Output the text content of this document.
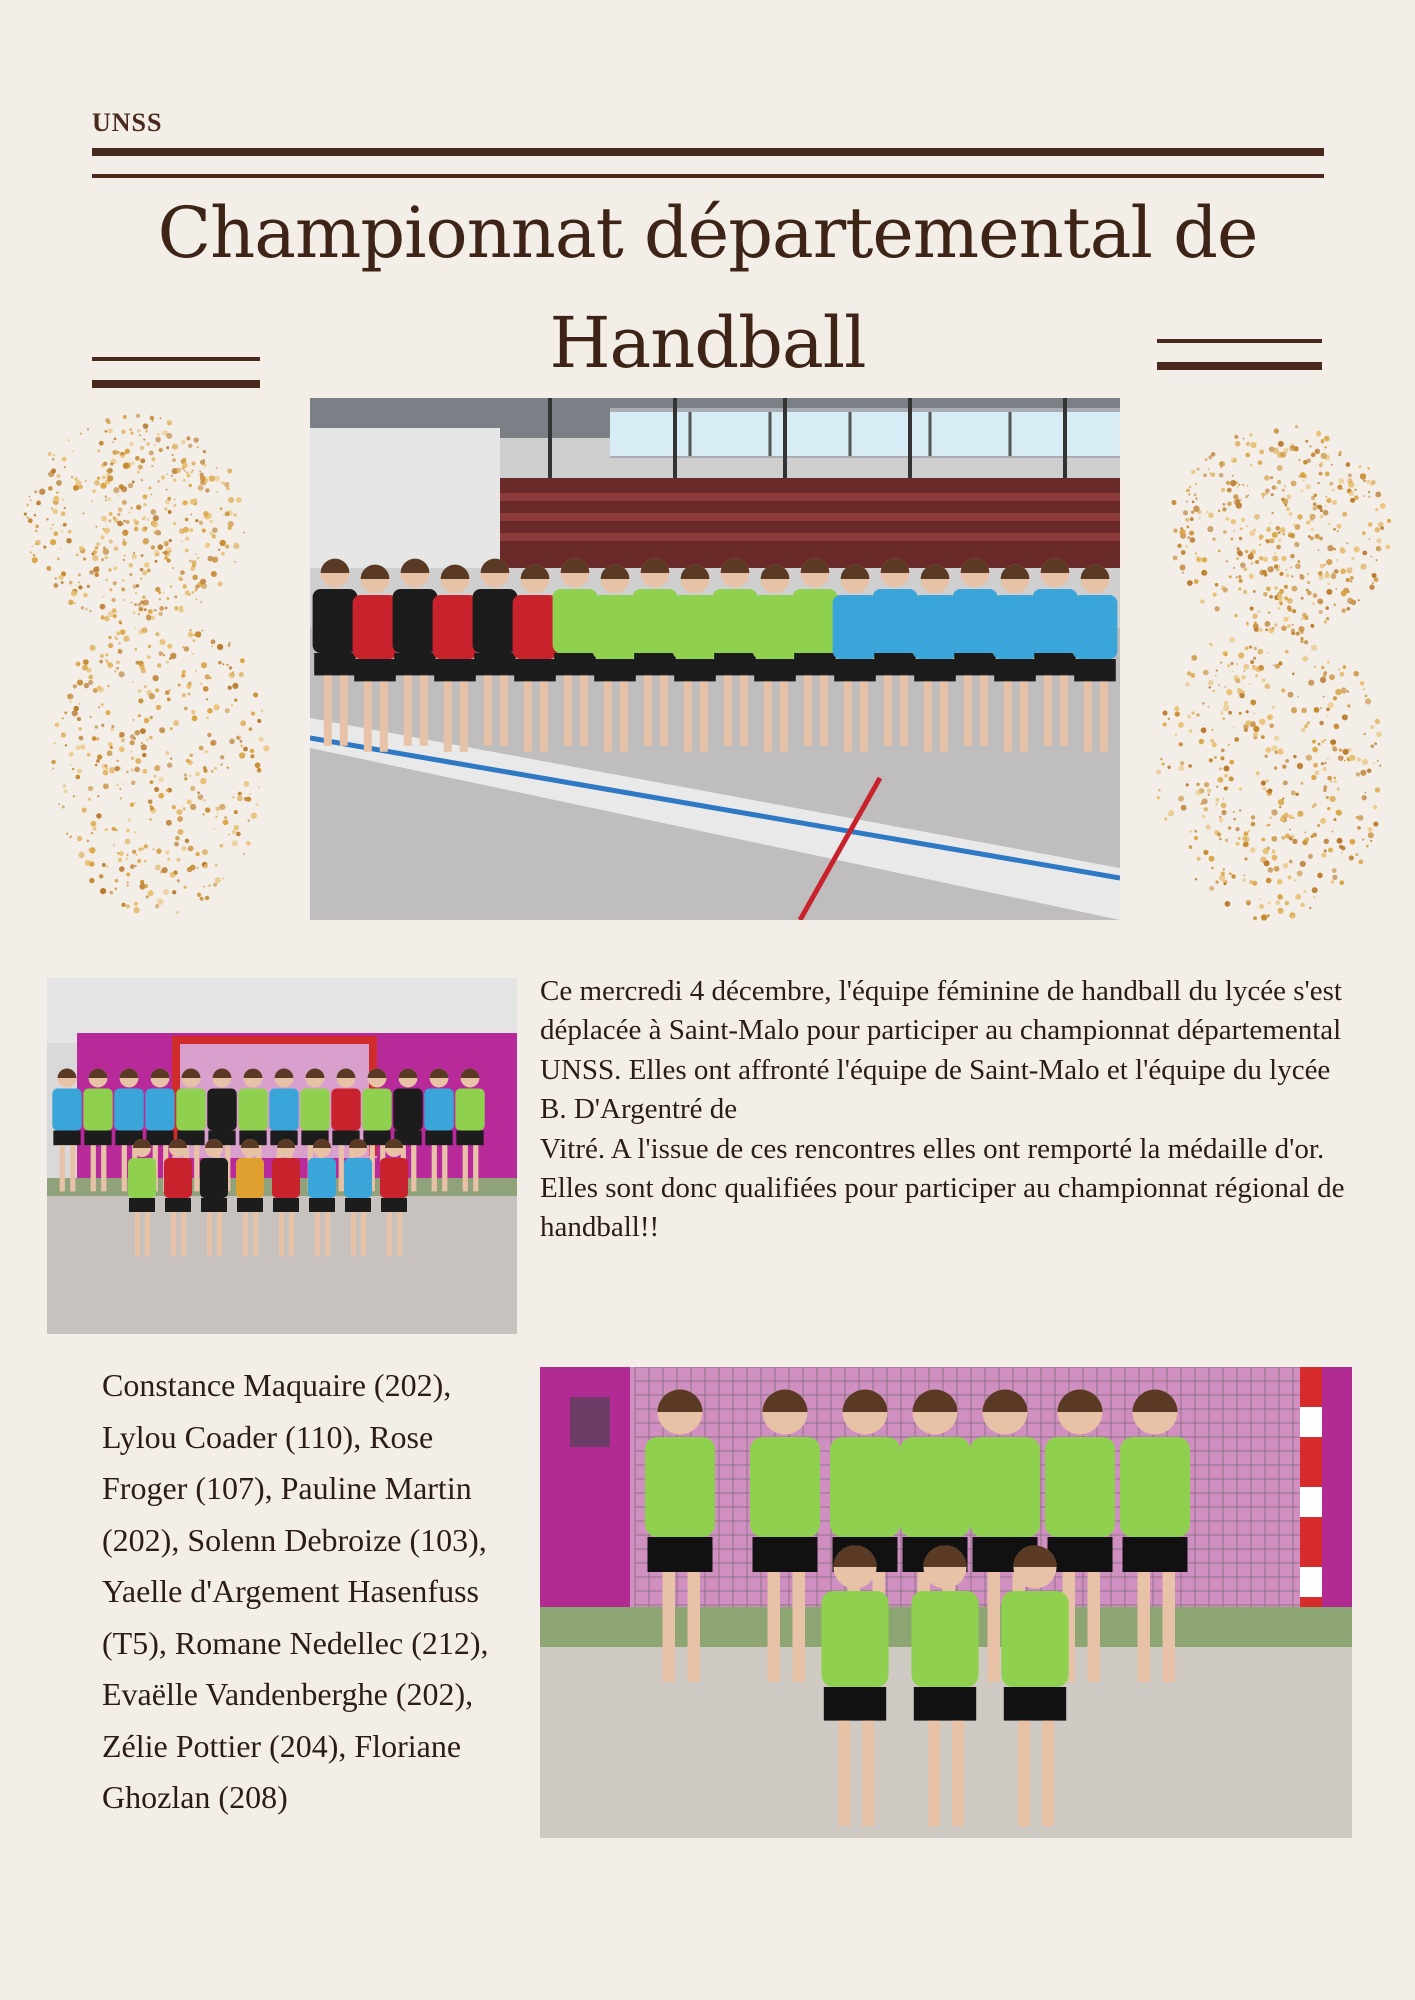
UNSS
Championnat départemental de Handball
Ce mercredi 4 décembre, l'équipe féminine de handball du lycée s'est déplacée à Saint-Malo pour participer au championnat départemental UNSS. Elles ont affronté l'équipe de Saint-Malo et l'équipe du lycée B. D'Argentré de
Vitré. A l'issue de ces rencontres elles ont remporté la médaille d'or. Elles sont donc qualifiées pour participer au championnat régional de handball!!
Constance Maquaire (202), Lylou Coader (110), Rose Froger (107), Pauline Martin (202), Solenn Debroize (103), Yaelle d'Argement Hasenfuss (T5), Romane Nedellec (212), Evaëlle Vandenberghe (202), Zélie Pottier (204), Floriane Ghozlan (208)
